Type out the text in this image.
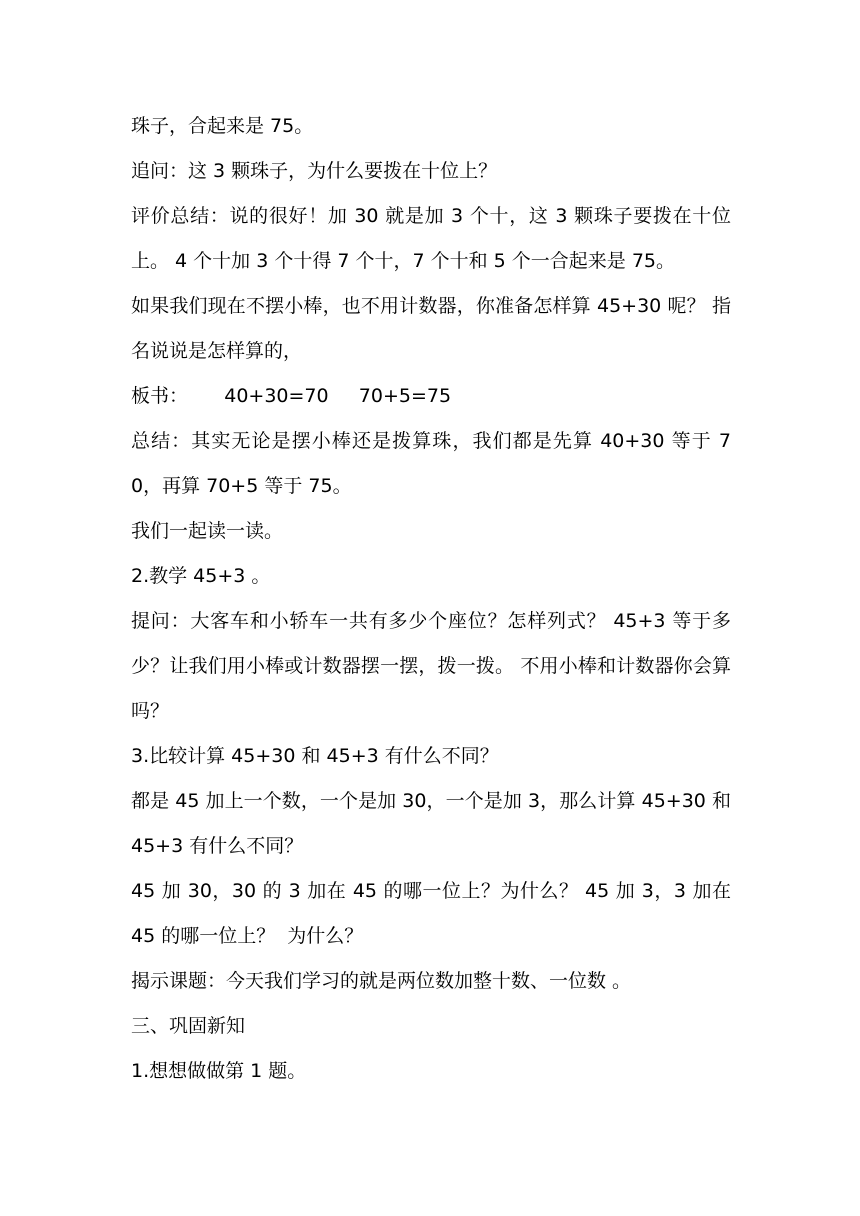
珠子，合起来是 75。

追问：这 3 颗珠子，为什么要拨在十位上？

评价总结：说的很好！加 30 就是加 3 个十，这 3 颗珠子要拨在十位上。 4 个十加 3 个十得 7 个十，7 个十和 5 个一合起来是 75。

如果我们现在不摆小棒，也不用计数器，你准备怎样算 45+30 呢？ 指名说说是怎样算的，

板书：      40+30=70     70+5=75

总结：其实无论是摆小棒还是拨算珠，我们都是先算 40+30 等于 70，再算 70+5 等于 75。

我们一起读一读。

2.教学 45+3 。

提问：大客车和小轿车一共有多少个座位？怎样列式？ 45+3 等于多少？让我们用小棒或计数器摆一摆，拨一拨。 不用小棒和计数器你会算吗？

3.比较计算 45+30 和 45+3 有什么不同？

都是 45 加上一个数，一个是加 30，一个是加 3，那么计算 45+30 和 45+3 有什么不同？

45 加 30，30 的 3 加在 45 的哪一位上？为什么？ 45 加 3，3 加在 45 的哪一位上？  为什么？

揭示课题：今天我们学习的就是两位数加整十数、一位数 。

三、巩固新知

1.想想做做第 1 题。
